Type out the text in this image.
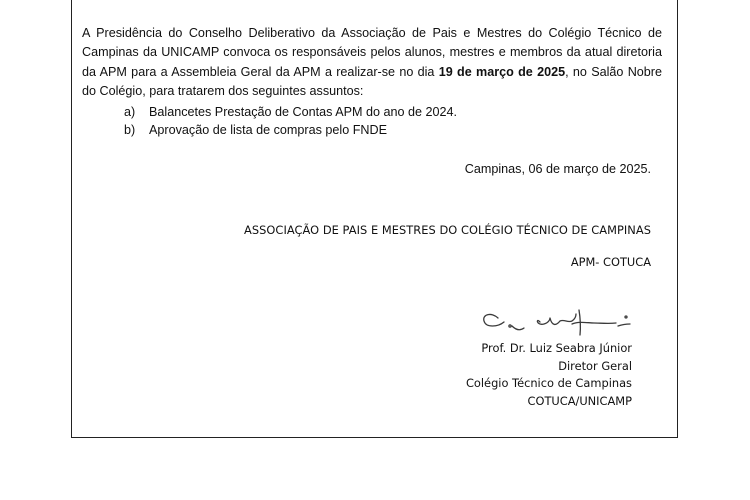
A Presidência do Conselho Deliberativo da Associação de Pais e Mestres do Colégio Técnico de Campinas da UNICAMP convoca os responsáveis pelos alunos, mestres e membros da atual diretoria da APM para a Assembleia Geral da APM a realizar-se no dia 19 de março de 2025, no Salão Nobre do Colégio, para tratarem dos seguintes assuntos:

a)	Balancetes Prestação de Contas APM do ano de 2024.
b)	Aprovação de lista de compras pelo FNDE

Campinas, 06 de março de 2025.

ASSOCIAÇÃO DE PAIS E MESTRES DO COLÉGIO TÉCNICO DE CAMPINAS

APM- COTUCA

Prof. Dr. Luiz Seabra Júnior
Diretor Geral
Colégio Técnico de Campinas
COTUCA/UNICAMP
